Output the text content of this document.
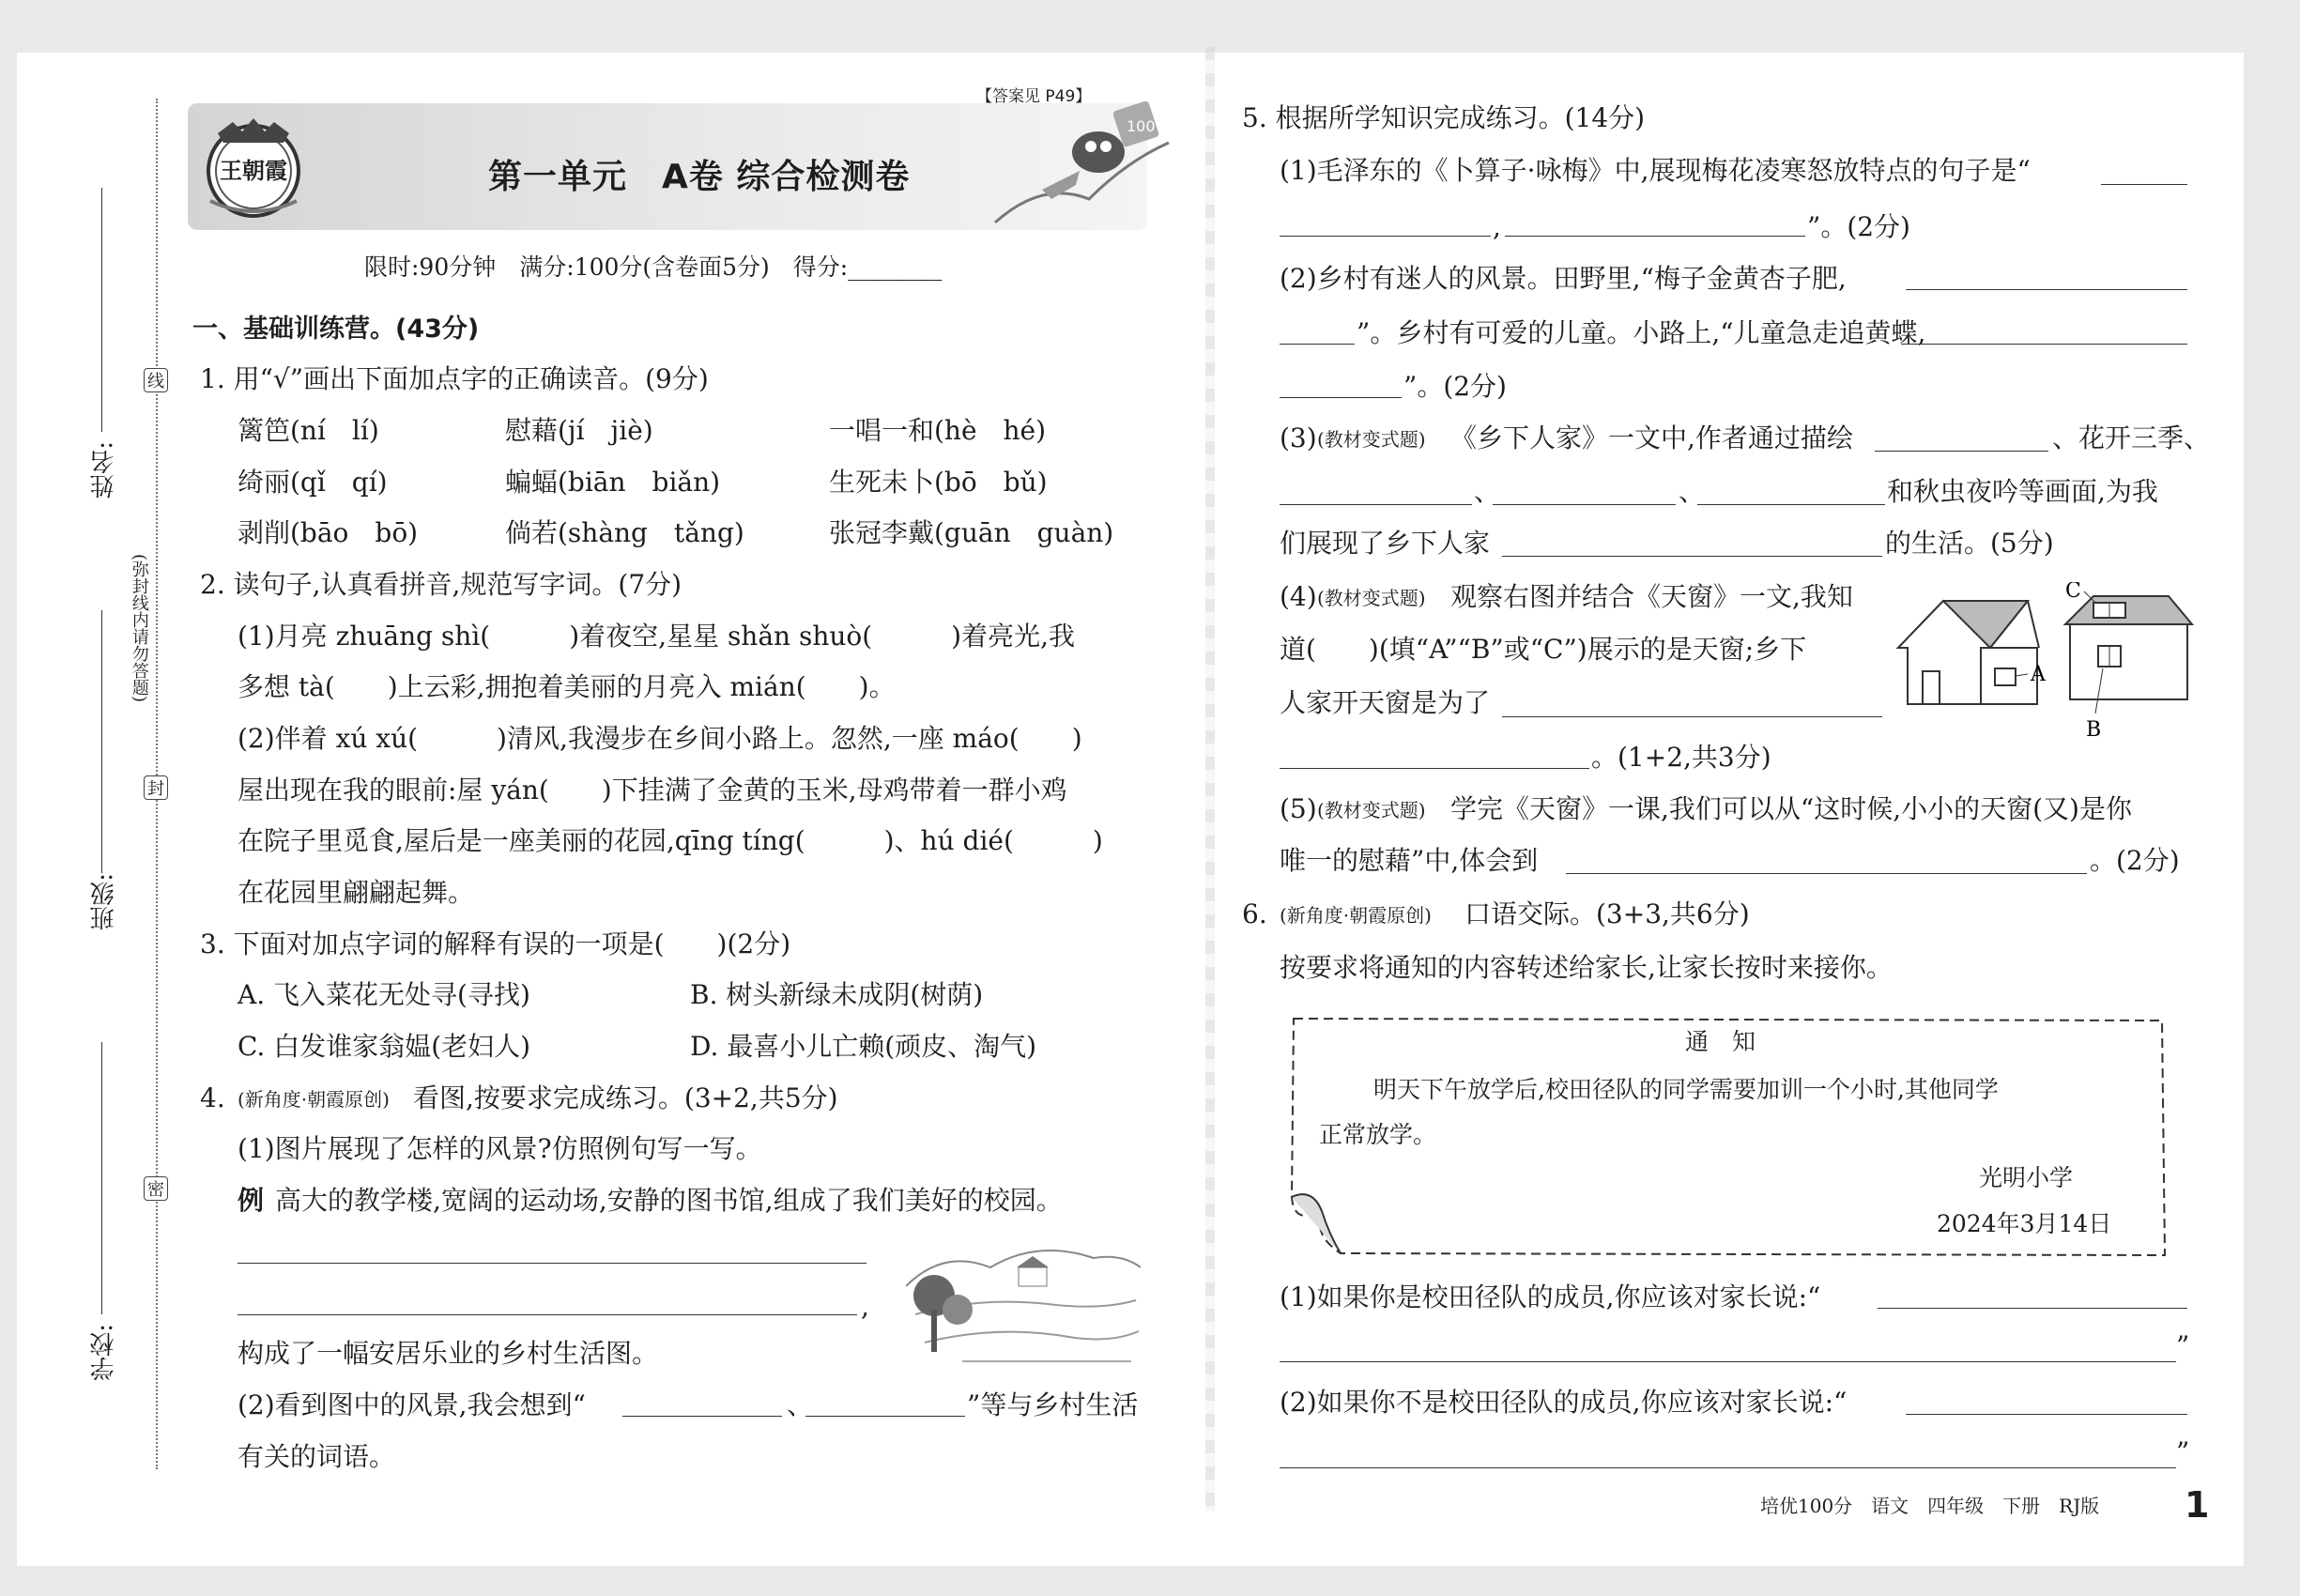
姓名:
班级:
学校:
线
(弥封线内请勿答题)
封
密
王朝霞
【答案见 P49】
第一单元　A卷 综合检测卷
100
限时:90分钟　满分:100分(含卷面5分)　得分:________
一、基础训练营。(43分)
1. 用“√”画出下面加点字的正确读音。(9分)
篱笆(ní　lí)	慰藉(jí　jiè)	一唱一和(hè　hé)
绮丽(qǐ　qí)	蝙蝠(biān　biǎn)	生死未卜(bō　bǔ)
剥削(bāo　bō)	倘若(shàng　tǎng)	张冠李戴(guān　guàn)
2. 读句子,认真看拼音,规范写字词。(7分)
(1)月亮 zhuāng shì(　　　)着夜空,星星 shǎn shuò(　　　)着亮光,我
多想 tà(　　)上云彩,拥抱着美丽的月亮入 mián(　　)。
(2)伴着 xú xú(　　　)清风,我漫步在乡间小路上。忽然,一座 máo(　　)
屋出现在我的眼前:屋 yán(　　)下挂满了金黄的玉米,母鸡带着一群小鸡
在院子里觅食,屋后是一座美丽的花园,qīng tíng(　　　)、hú dié(　　　)
在花园里翩翩起舞。
3. 下面对加点字词的解释有误的一项是(　　)(2分)
A. 飞入菜花无处寻(寻找)	B. 树头新绿未成阴(树荫)
C. 白发谁家翁媪(老妇人)	D. 最喜小儿亡赖(顽皮、淘气)
4. (新角度·朝霞原创) 看图,按要求完成练习。(3+2,共5分)
(1)图片展现了怎样的风景?仿照例句写一写。
例 高大的教学楼,宽阔的运动场,安静的图书馆,组成了我们美好的校园。
,
构成了一幅安居乐业的乡村生活图。
(2)看到图中的风景,我会想到“	、	”等与乡村生活
有关的词语。
5. 根据所学知识完成练习。(14分)
(1)毛泽东的《卜算子·咏梅》中,展现梅花凌寒怒放特点的句子是“
,	”。(2分)
(2)乡村有迷人的风景。田野里,“梅子金黄杏子肥,
”。乡村有可爱的儿童。小路上,“儿童急走追黄蝶,
”。(2分)
(3) (教材变式题) 《乡下人家》一文中,作者通过描绘	、花开三季、
、	、	和秋虫夜吟等画面,为我
们展现了乡下人家	的生活。(5分)
(4) (教材变式题) 观察右图并结合《天窗》一文,我知
道(　　)(填“A”“B”或“C”)展示的是天窗;乡下
人家开天窗是为了
。(1+2,共3分)
A
C
B
(5) (教材变式题) 学完《天窗》一课,我们可以从“这时候,小小的天窗(又)是你
唯一的慰藉”中,体会到	。(2分)
6. (新角度·朝霞原创) 口语交际。(3+3,共6分)
按要求将通知的内容转述给家长,让家长按时来接你。
通　知
明天下午放学后,校田径队的同学需要加训一个小时,其他同学
正常放学。
光明小学
2024年3月14日
(1)如果你是校田径队的成员,你应该对家长说:“
”
(2)如果你不是校田径队的成员,你应该对家长说:“
”
培优100分　语文　四年级　下册　RJ版 1
